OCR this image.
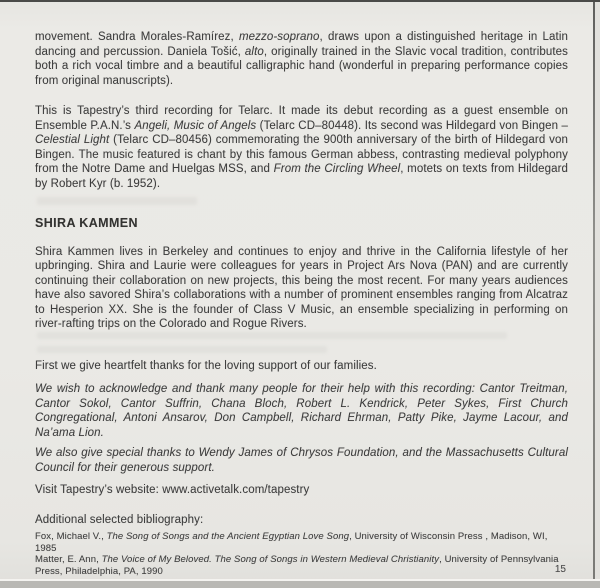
movement. Sandra Morales-Ramírez, mezzo-soprano, draws upon a distinguished heritage in Latin dancing and percussion. Daniela Tošić, alto, originally trained in the Slavic vocal tradition, contributes both a rich vocal timbre and a beautiful calligraphic hand (wonderful in preparing performance copies from original manuscripts).

This is Tapestry’s third recording for Telarc. It made its debut recording as a guest ensemble on Ensemble P.A.N.’s Angeli, Music of Angels (Telarc CD–80448). Its second was Hildegard von Bingen – Celestial Light (Telarc CD–80456) commemorating the 900th anniversary of the birth of Hildegard von Bingen. The music featured is chant by this famous German abbess, contrasting medieval polyphony from the Notre Dame and Huelgas MSS, and From the Circling Wheel, motets on texts from Hildegard by Robert Kyr (b. 1952).

SHIRA KAMMEN

Shira Kammen lives in Berkeley and continues to enjoy and thrive in the California lifestyle of her upbringing. Shira and Laurie were colleagues for years in Project Ars Nova (PAN) and are currently continuing their collaboration on new projects, this being the most recent. For many years audiences have also savored Shira’s collaborations with a number of prominent ensembles ranging from Alcatraz to Hesperion XX. She is the founder of Class V Music, an ensemble specializing in performing on river-rafting trips on the Colorado and Rogue Rivers.

First we give heartfelt thanks for the loving support of our families.

We wish to acknowledge and thank many people for their help with this recording: Cantor Treitman, Cantor Sokol, Cantor Suffrin, Chana Bloch, Robert L. Kendrick, Peter Sykes, First Church Congregational, Antoni Ansarov, Don Campbell, Richard Ehrman, Patty Pike, Jayme Lacour, and Na’ama Lion.

We also give special thanks to Wendy James of Chrysos Foundation, and the Massachusetts Cultural Council for their generous support.

Visit Tapestry’s website: www.activetalk.com/tapestry

Additional selected bibliography:

Fox, Michael V., The Song of Songs and the Ancient Egyptian Love Song, University of Wisconsin Press , Madison, WI, 1985

Matter, E. Ann, The Voice of My Beloved. The Song of Songs in Western Medieval Christianity, University of Pennsylvania Press, Philadelphia, PA, 1990	15
